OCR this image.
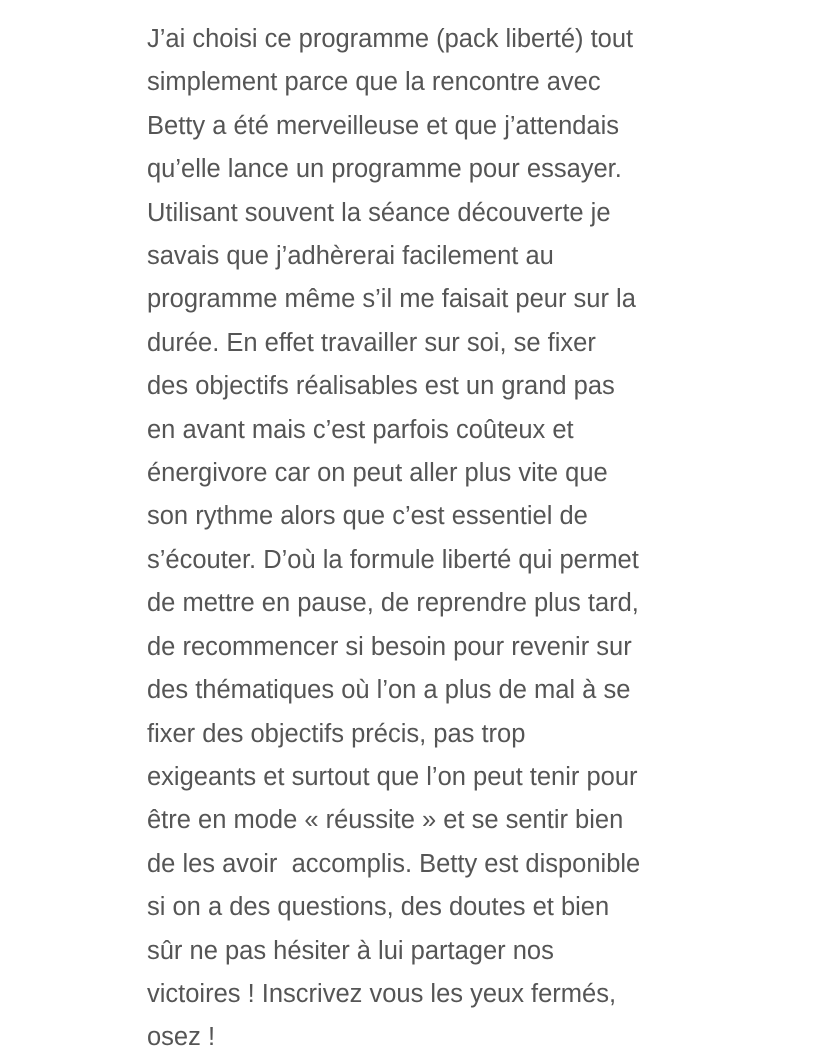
J’ai choisi ce programme (pack liberté) tout
simplement parce que la rencontre avec
Betty a été merveilleuse et que j’attendais
qu’elle lance un programme pour essayer.
Utilisant souvent la séance découverte je
savais que j’adhèrerai facilement au
programme même s’il me faisait peur sur la
durée. En effet travailler sur soi, se fixer
des objectifs réalisables est un grand pas
en avant mais c’est parfois coûteux et
énergivore car on peut aller plus vite que
son rythme alors que c’est essentiel de
s’écouter. D’où la formule liberté qui permet
de mettre en pause, de reprendre plus tard,
de recommencer si besoin pour revenir sur
des thématiques où l’on a plus de mal à se
fixer des objectifs précis, pas trop
exigeants et surtout que l’on peut tenir pour
être en mode « réussite » et se sentir bien
de les avoir  accomplis. Betty est disponible
si on a des questions, des doutes et bien
sûr ne pas hésiter à lui partager nos
victoires ! Inscrivez vous les yeux fermés,
osez !
